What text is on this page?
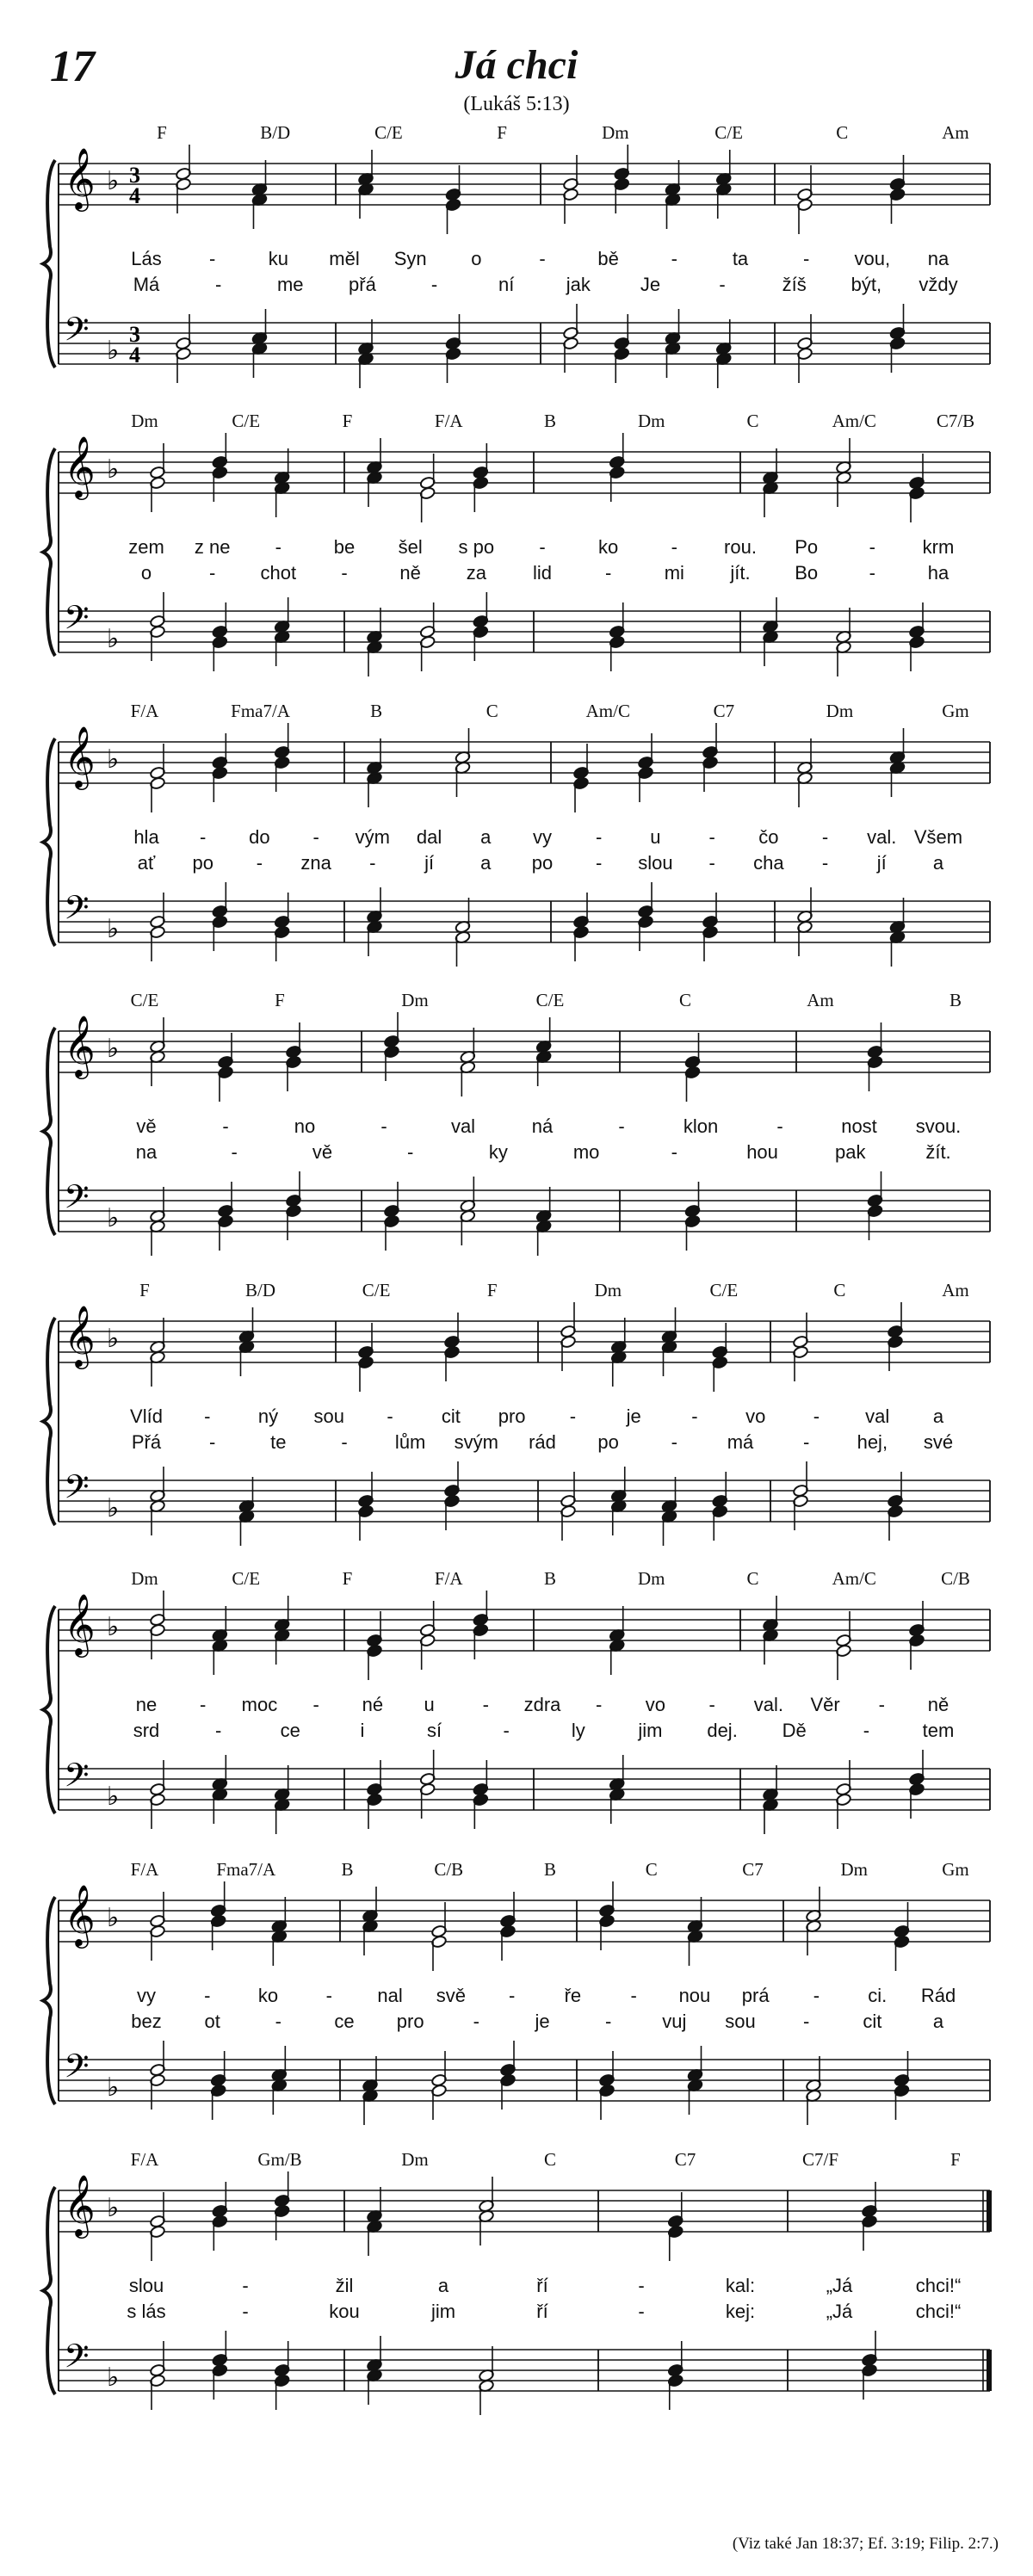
17	Já chci
(Lukáš 5:13)
𝄞
𝄢
♭
♭
3
4
3
4
F	B/D	C/E	F	Dm	C/E	C	Am
Lás	-	ku měl Syn o	-	bě	-	ta	- vou, na
Má	-	me přá	-	ní	jak	Je	-	žíš být, vždy
𝄞
𝄢
♭
♭
Dm	C/E	F	F/A	B	Dm	C	Am/C	C7/B
zem z ne -	be šel s po -	ko	- rou. Po	- krm
o	- chot -	ně za lid	-	mi jít. Bo	-	ha
𝄞
𝄢
♭
♭
F/A	Fma7/A	B	C	Am/C	C7	Dm	Gm
hla - do - vým dal a vy -	u	- čo - val. Všem
ať po - zna -	jí a po - slou - cha -	jí a
𝄞
𝄢
♭
♭
C/E	F	Dm	C/E	C	Am	B
vě	-	no	-	val	ná	-	klon	-	nost svou.
na	-	vě	-	ky	mo	-	hou	pak	žít.
𝄞
𝄢
♭
♭
F	B/D	C/E	F	Dm	C/E	C	Am
Vlíd -	ný sou -	cit pro -	je	-	vo	- val a
Přá	-	te	-	lům svým rád po	-	má	-	hej, své
𝄞
𝄢
♭
♭
Dm	C/E	F	F/A	B	Dm	C	Am/C	C/B
ne - moc - né u	- zdra - vo - val. Věr - ně
srd	-	ce	i	sí	-	ly	jim dej. Dě	-	tem
𝄞
𝄢
♭
♭
F/A	Fma7/A	B	C/B	B	C	C7	Dm	Gm
vy	-	ko	- nal svě -	ře	- nou prá -	ci. Rád
bez ot	-	ce pro	-	je	-	vuj sou	-	cit	a
𝄞
𝄢
♭
♭
F/A	Gm/B	Dm	C	C7	C7/F	F
slou	-	žil	a	ří	-	kal:	„Já	chci!“
s lás	-	kou	jim	ří	-	kej:	„Já	chci!“
(Viz také Jan 18:37; Ef. 3:19; Filip. 2:7.)
